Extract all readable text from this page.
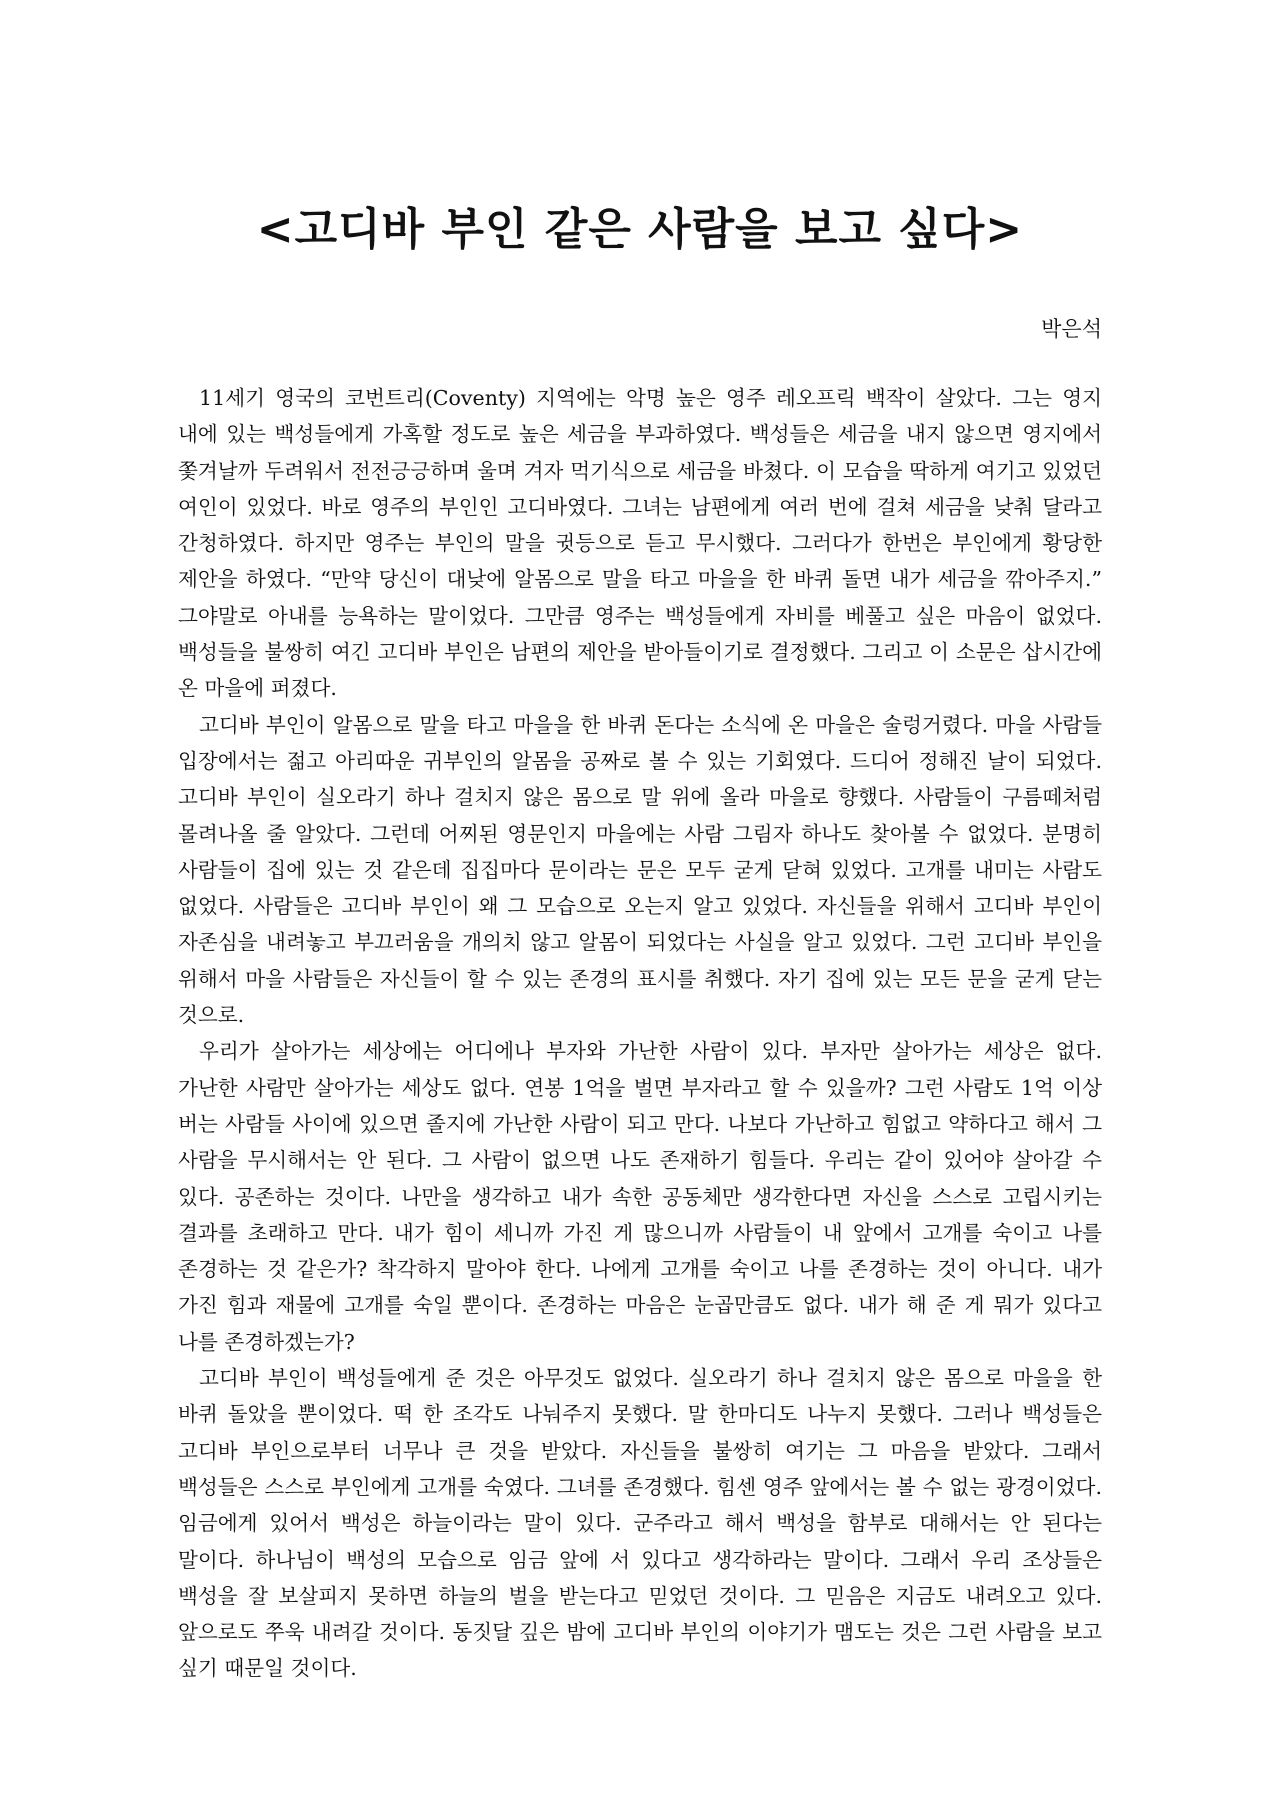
<고디바 부인 같은 사람을 보고 싶다>
박은석

11세기 영국의 코번트리(Coventy) 지역에는 악명 높은 영주 레오프릭 백작이 살았다. 그는 영지 내에 있는 백성들에게 가혹할 정도로 높은 세금을 부과하였다. 백성들은 세금을 내지 않으면 영지에서 쫓겨날까 두려워서 전전긍긍하며 울며 겨자 먹기식으로 세금을 바쳤다. 이 모습을 딱하게 여기고 있었던 여인이 있었다. 바로 영주의 부인인 고디바였다. 그녀는 남편에게 여러 번에 걸쳐 세금을 낮춰 달라고 간청하였다. 하지만 영주는 부인의 말을 귓등으로 듣고 무시했다. 그러다가 한번은 부인에게 황당한 제안을 하였다. “만약 당신이 대낮에 알몸으로 말을 타고 마을을 한 바퀴 돌면 내가 세금을 깎아주지.” 그야말로 아내를 능욕하는 말이었다. 그만큼 영주는 백성들에게 자비를 베풀고 싶은 마음이 없었다. 백성들을 불쌍히 여긴 고디바 부인은 남편의 제안을 받아들이기로 결정했다. 그리고 이 소문은 삽시간에 온 마을에 퍼졌다.

고디바 부인이 알몸으로 말을 타고 마을을 한 바퀴 돈다는 소식에 온 마을은 술렁거렸다. 마을 사람들 입장에서는 젊고 아리따운 귀부인의 알몸을 공짜로 볼 수 있는 기회였다. 드디어 정해진 날이 되었다. 고디바 부인이 실오라기 하나 걸치지 않은 몸으로 말 위에 올라 마을로 향했다. 사람들이 구름떼처럼 몰려나올 줄 알았다. 그런데 어찌된 영문인지 마을에는 사람 그림자 하나도 찾아볼 수 없었다. 분명히 사람들이 집에 있는 것 같은데 집집마다 문이라는 문은 모두 굳게 닫혀 있었다. 고개를 내미는 사람도 없었다. 사람들은 고디바 부인이 왜 그 모습으로 오는지 알고 있었다. 자신들을 위해서 고디바 부인이 자존심을 내려놓고 부끄러움을 개의치 않고 알몸이 되었다는 사실을 알고 있었다. 그런 고디바 부인을 위해서 마을 사람들은 자신들이 할 수 있는 존경의 표시를 취했다. 자기 집에 있는 모든 문을 굳게 닫는 것으로.

우리가 살아가는 세상에는 어디에나 부자와 가난한 사람이 있다. 부자만 살아가는 세상은 없다. 가난한 사람만 살아가는 세상도 없다. 연봉 1억을 벌면 부자라고 할 수 있을까? 그런 사람도 1억 이상 버는 사람들 사이에 있으면 졸지에 가난한 사람이 되고 만다. 나보다 가난하고 힘없고 약하다고 해서 그 사람을 무시해서는 안 된다. 그 사람이 없으면 나도 존재하기 힘들다. 우리는 같이 있어야 살아갈 수 있다. 공존하는 것이다. 나만을 생각하고 내가 속한 공동체만 생각한다면 자신을 스스로 고립시키는 결과를 초래하고 만다. 내가 힘이 세니까 가진 게 많으니까 사람들이 내 앞에서 고개를 숙이고 나를 존경하는 것 같은가? 착각하지 말아야 한다. 나에게 고개를 숙이고 나를 존경하는 것이 아니다. 내가 가진 힘과 재물에 고개를 숙일 뿐이다. 존경하는 마음은 눈곱만큼도 없다. 내가 해 준 게 뭐가 있다고 나를 존경하겠는가?

고디바 부인이 백성들에게 준 것은 아무것도 없었다. 실오라기 하나 걸치지 않은 몸으로 마을을 한 바퀴 돌았을 뿐이었다. 떡 한 조각도 나눠주지 못했다. 말 한마디도 나누지 못했다. 그러나 백성들은 고디바 부인으로부터 너무나 큰 것을 받았다. 자신들을 불쌍히 여기는 그 마음을 받았다. 그래서 백성들은 스스로 부인에게 고개를 숙였다. 그녀를 존경했다. 힘센 영주 앞에서는 볼 수 없는 광경이었다. 임금에게 있어서 백성은 하늘이라는 말이 있다. 군주라고 해서 백성을 함부로 대해서는 안 된다는 말이다. 하나님이 백성의 모습으로 임금 앞에 서 있다고 생각하라는 말이다. 그래서 우리 조상들은 백성을 잘 보살피지 못하면 하늘의 벌을 받는다고 믿었던 것이다. 그 믿음은 지금도 내려오고 있다. 앞으로도 쭈욱 내려갈 것이다. 동짓달 깊은 밤에 고디바 부인의 이야기가 맴도는 것은 그런 사람을 보고 싶기 때문일 것이다.
